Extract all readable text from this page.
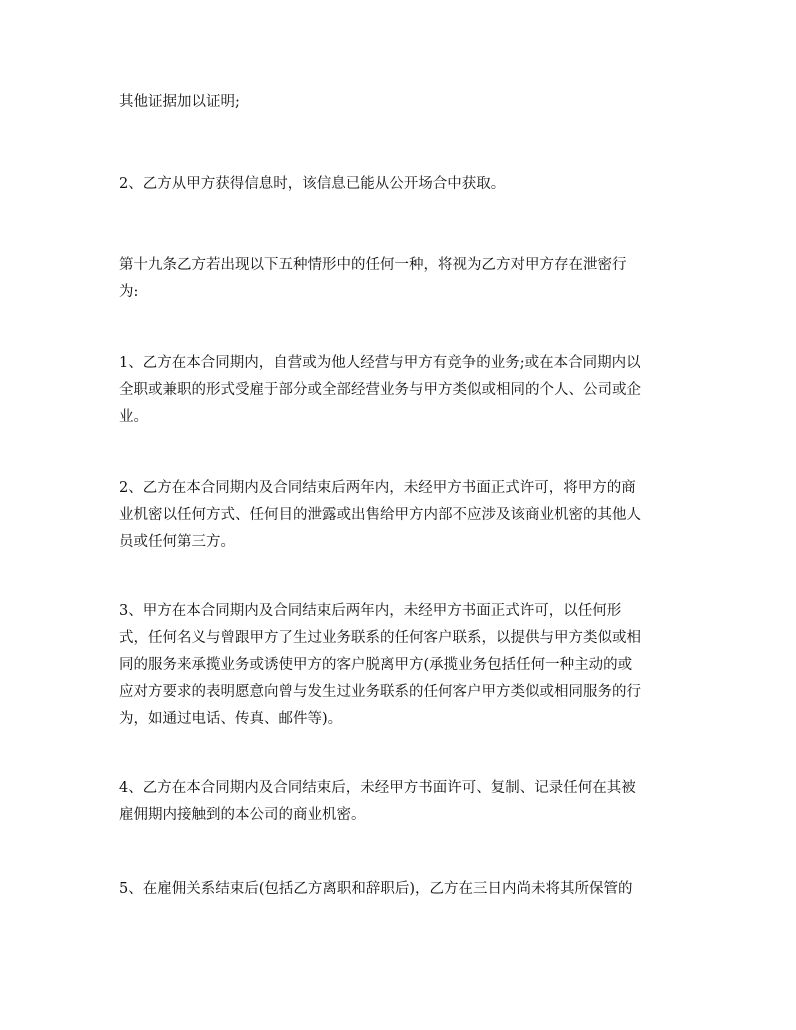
其他证据加以证明;

2、乙方从甲方获得信息时，该信息已能从公开场合中获取。

第十九条乙方若出现以下五种情形中的任何一种，将视为乙方对甲方存在泄密行
为:

1、乙方在本合同期内，自营或为他人经营与甲方有竞争的业务;或在本合同期内以
全职或兼职的形式受雇于部分或全部经营业务与甲方类似或相同的个人、公司或企
业。

2、乙方在本合同期内及合同结束后两年内，未经甲方书面正式许可，将甲方的商
业机密以任何方式、任何目的泄露或出售给甲方内部不应涉及该商业机密的其他人
员或任何第三方。

3、甲方在本合同期内及合同结束后两年内，未经甲方书面正式许可，以任何形
式，任何名义与曾跟甲方了生过业务联系的任何客户联系，以提供与甲方类似或相
同的服务来承揽业务或诱使甲方的客户脱离甲方(承揽业务包括任何一种主动的或
应对方要求的表明愿意向曾与发生过业务联系的任何客户甲方类似或相同服务的行
为，如通过电话、传真、邮件等)。

4、乙方在本合同期内及合同结束后，未经甲方书面许可、复制、记录任何在其被
雇佣期内接触到的本公司的商业机密。

5、在雇佣关系结束后(包括乙方离职和辞职后)，乙方在三日内尚未将其所保管的
